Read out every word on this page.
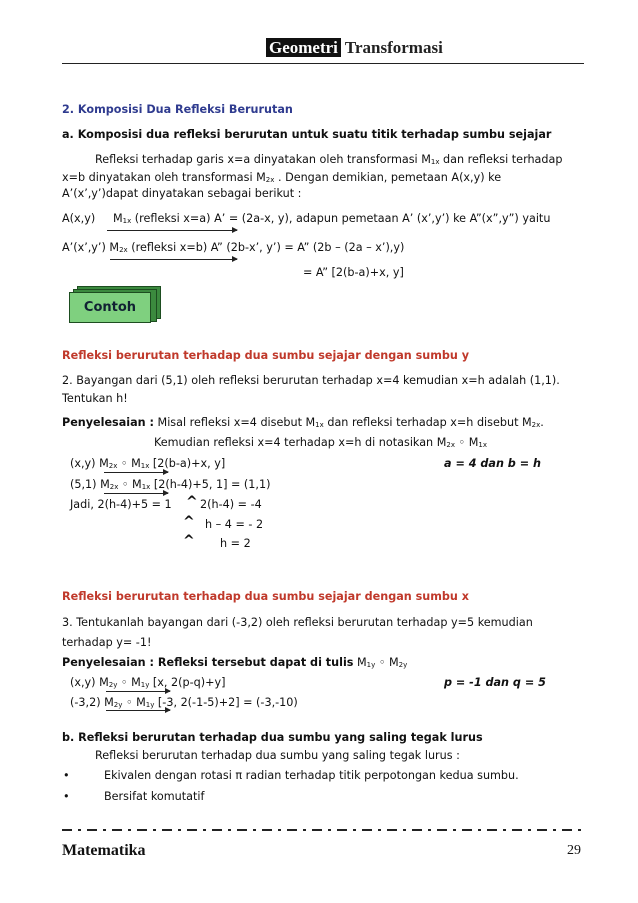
Geometri Transformasi
2. Komposisi Dua Refleksi Berurutan
a. Komposisi dua refleksi berurutan untuk suatu titik terhadap sumbu sejajar
Refleksi terhadap garis x=a dinyatakan oleh transformasi M1x dan refleksi terhadap
x=b dinyatakan oleh transformasi M2x . Dengan demikian, pemetaan A(x,y) ke
A’(x’,y’)dapat dinyatakan sebagai berikut :
A(x,y) M1x (refleksi x=a) A’ = (2a-x, y), adapun pemetaan A’ (x’,y’) ke A”(x”,y”) yaitu
A’(x’,y’) M2x (refleksi x=b) A” (2b-x’, y’) = A” (2b – (2a – x’),y)
= A” [2(b-a)+x, y]
Contoh
Refleksi berurutan terhadap dua sumbu sejajar dengan sumbu y
2. Bayangan dari (5,1) oleh refleksi berurutan terhadap x=4 kemudian x=h adalah (1,1).
Tentukan h!
Penyelesaian : Misal refleksi x=4 disebut M1x dan refleksi terhadap x=h disebut M2x.
Kemudian refleksi x=4 terhadap x=h di notasikan M2x ◦ M1x
(x,y) M2x ◦ M1x [2(b-a)+x, y]	a = 4 dan b = h
(5,1) M2x ◦ M1x [2(h-4)+5, 1] = (1,1)
Jadi, 2(h-4)+5 = 1 ^ 2(h-4) = -4
^ h – 4 = - 2
^ h = 2
Refleksi berurutan terhadap dua sumbu sejajar dengan sumbu x
3. Tentukanlah bayangan dari (-3,2) oleh refleksi berurutan terhadap y=5 kemudian
terhadap y= -1!
Penyelesaian : Refleksi tersebut dapat di tulis M1y ◦ M2y
(x,y) M2y ◦ M1y [x, 2(p-q)+y]	p = -1 dan q = 5
(-3,2) M2y ◦ M1y [-3, 2(-1-5)+2] = (-3,-10)
b. Refleksi berurutan terhadap dua sumbu yang saling tegak lurus
Refleksi berurutan terhadap dua sumbu yang saling tegak lurus :
•	Ekivalen dengan rotasi π radian terhadap titik perpotongan kedua sumbu.
•	Bersifat komutatif
Matematika	29
